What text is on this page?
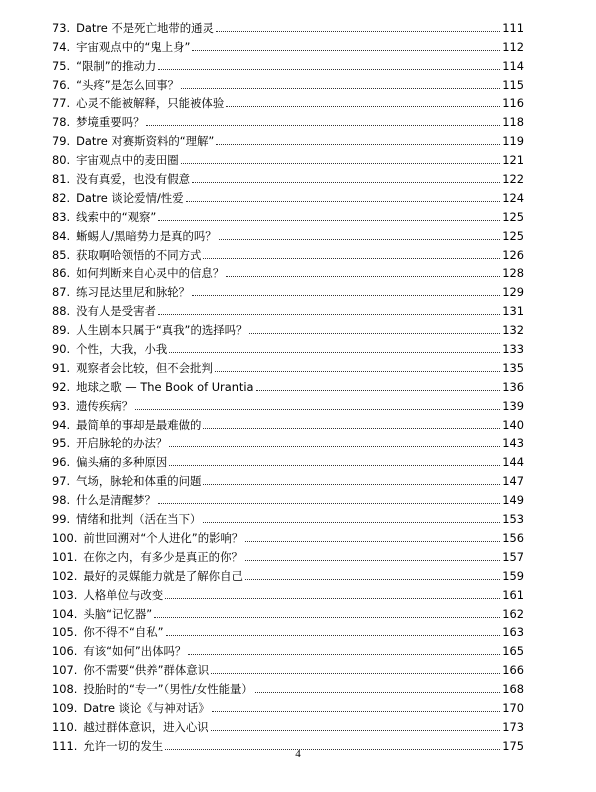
73. Datre 不是死亡地带的通灵	111
74. 宇宙观点中的“鬼上身”	112
75. “限制”的推动力	114
76. “头疼”是怎么回事？	115
77. 心灵不能被解释，只能被体验	116
78. 梦境重要吗？	118
79. Datre 对赛斯资料的“理解”	119
80. 宇宙观点中的麦田圈	121
81. 没有真爱，也没有假意	122
82. Datre 谈论爱情/性爱	124
83. 线索中的“观察”	125
84. 蜥蜴人/黑暗势力是真的吗？	125
85. 获取啊哈领悟的不同方式	126
86. 如何判断来自心灵中的信息？	128
87. 练习昆达里尼和脉轮？	129
88. 没有人是受害者	131
89. 人生剧本只属于“真我”的选择吗？	132
90. 个性，大我，小我	133
91. 观察者会比较，但不会批判	135
92. 地球之歌 — The Book of Urantia	136
93. 遗传疾病？	139
94. 最简单的事却是最难做的	140
95. 开启脉轮的办法？	143
96. 偏头痛的多种原因	144
97. 气场，脉轮和体重的问题	147
98. 什么是清醒梦？	149
99. 情绪和批判（活在当下）	153
100. 前世回溯对“个人进化”的影响？	156
101. 在你之内，有多少是真正的你？	157
102. 最好的灵媒能力就是了解你自己	159
103. 人格单位与改变	161
104. 头脑“记忆器”	162
105. 你不得不“自私”	163
106. 有该“如何”出体吗？	165
107. 你不需要“供养”群体意识	166
108. 投胎时的“专一”（男性/女性能量）	168
109. Datre 谈论《与神对话》	170
110. 越过群体意识，进入心识	173
111. 允许一切的发生	175
4
